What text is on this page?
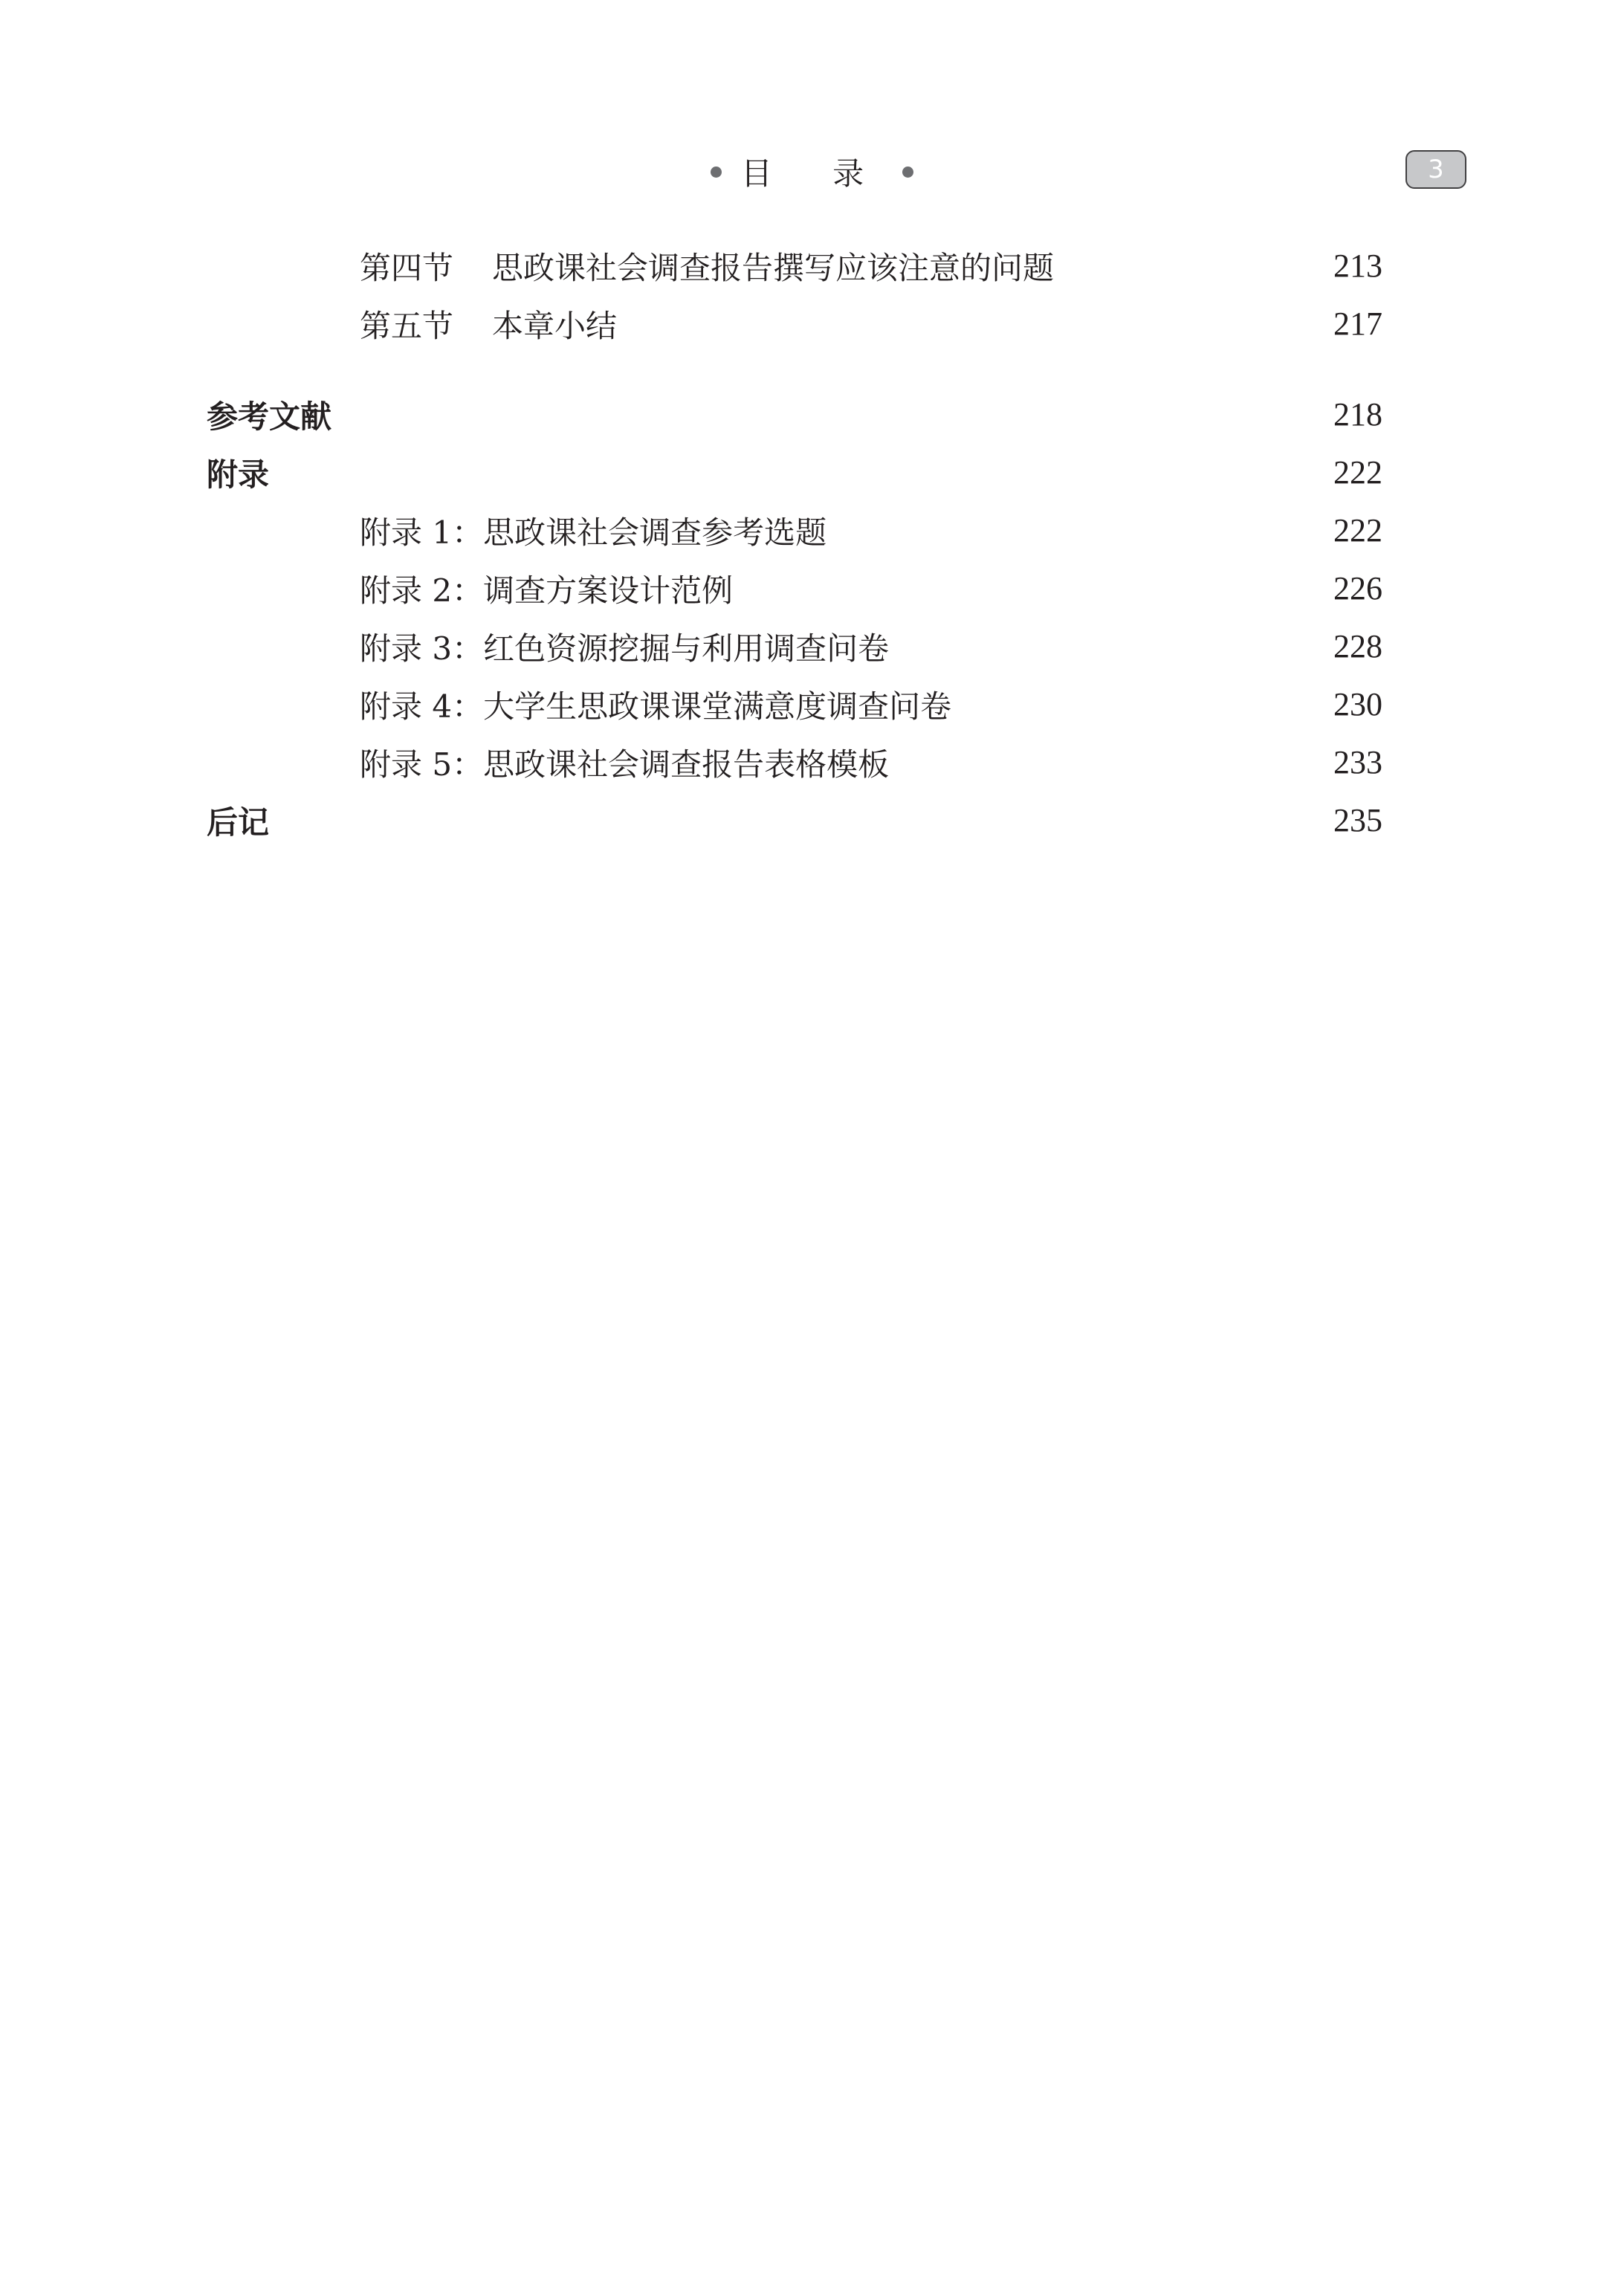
目 录	3
第四节 思政课社会调查报告撰写应该注意的问题	213
第五节 本章小结	217
参考文献	218
附录	222
附录 1：思政课社会调查参考选题	222
附录 2：调查方案设计范例	226
附录 3：红色资源挖掘与利用调查问卷	228
附录 4：大学生思政课课堂满意度调查问卷	230
附录 5：思政课社会调查报告表格模板	233
后记	235
